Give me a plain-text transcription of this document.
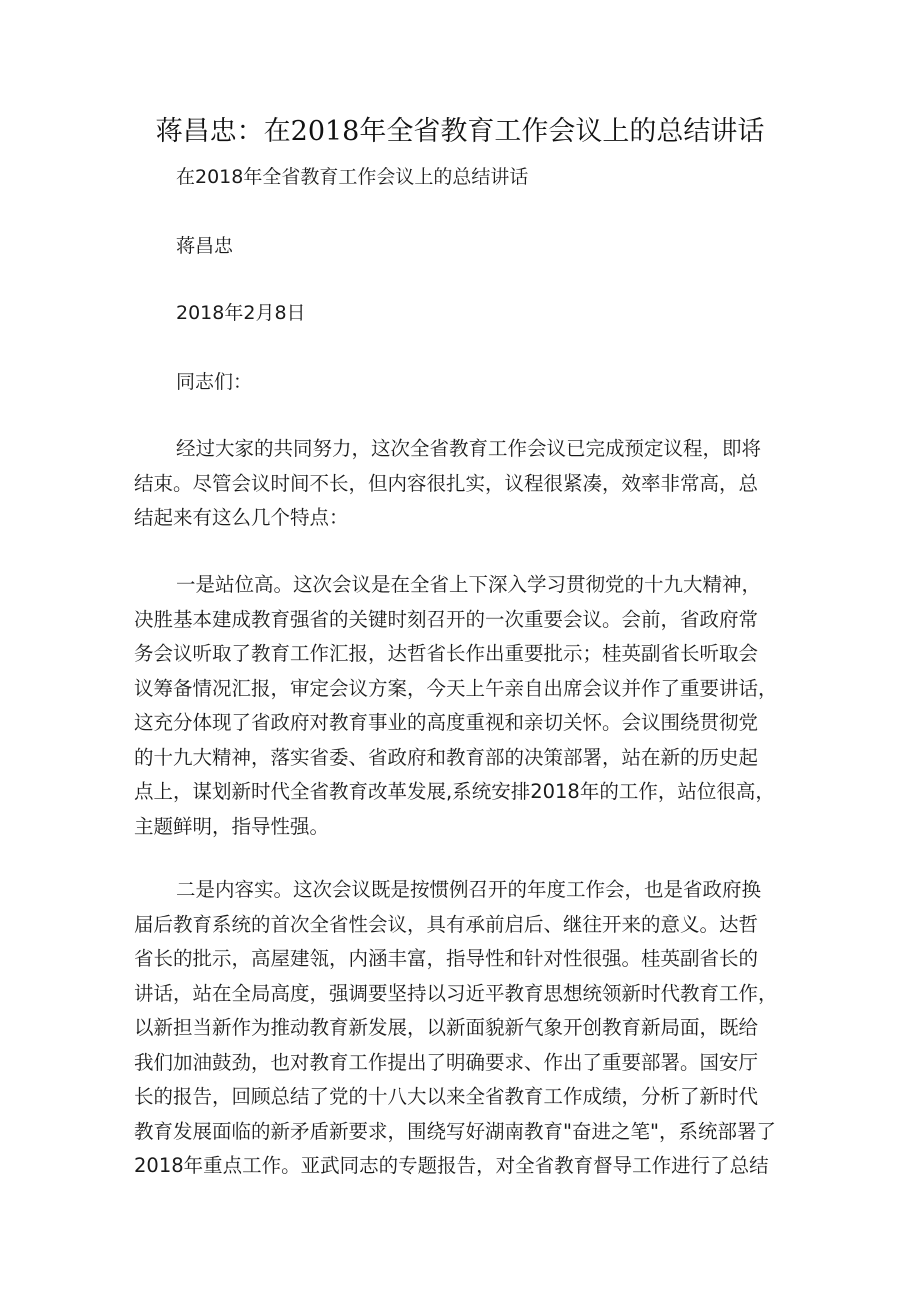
蒋昌忠：在2018年全省教育工作会议上的总结讲话

在2018年全省教育工作会议上的总结讲话

蒋昌忠

2018年2月8日

同志们：

经过大家的共同努力，这次全省教育工作会议已完成预定议程，即将
结束。尽管会议时间不长，但内容很扎实，议程很紧凑，效率非常高，总
结起来有这么几个特点：

一是站位高。这次会议是在全省上下深入学习贯彻党的十九大精神，
决胜基本建成教育强省的关键时刻召开的一次重要会议。会前，省政府常
务会议听取了教育工作汇报，达哲省长作出重要批示；桂英副省长听取会
议筹备情况汇报，审定会议方案，今天上午亲自出席会议并作了重要讲话，
这充分体现了省政府对教育事业的高度重视和亲切关怀。会议围绕贯彻党
的十九大精神，落实省委、省政府和教育部的决策部署，站在新的历史起
点上，谋划新时代全省教育改革发展,系统安排2018年的工作，站位很高，
主题鲜明，指导性强。

二是内容实。这次会议既是按惯例召开的年度工作会，也是省政府换
届后教育系统的首次全省性会议，具有承前启后、继往开来的意义。达哲
省长的批示，高屋建瓴，内涵丰富，指导性和针对性很强。桂英副省长的
讲话，站在全局高度，强调要坚持以习近平教育思想统领新时代教育工作，
以新担当新作为推动教育新发展，以新面貌新气象开创教育新局面，既给
我们加油鼓劲，也对教育工作提出了明确要求、作出了重要部署。国安厅
长的报告，回顾总结了党的十八大以来全省教育工作成绩，分析了新时代
教育发展面临的新矛盾新要求，围绕写好湖南教育"奋进之笔"，系统部署了
2018年重点工作。亚武同志的专题报告，对全省教育督导工作进行了总结
